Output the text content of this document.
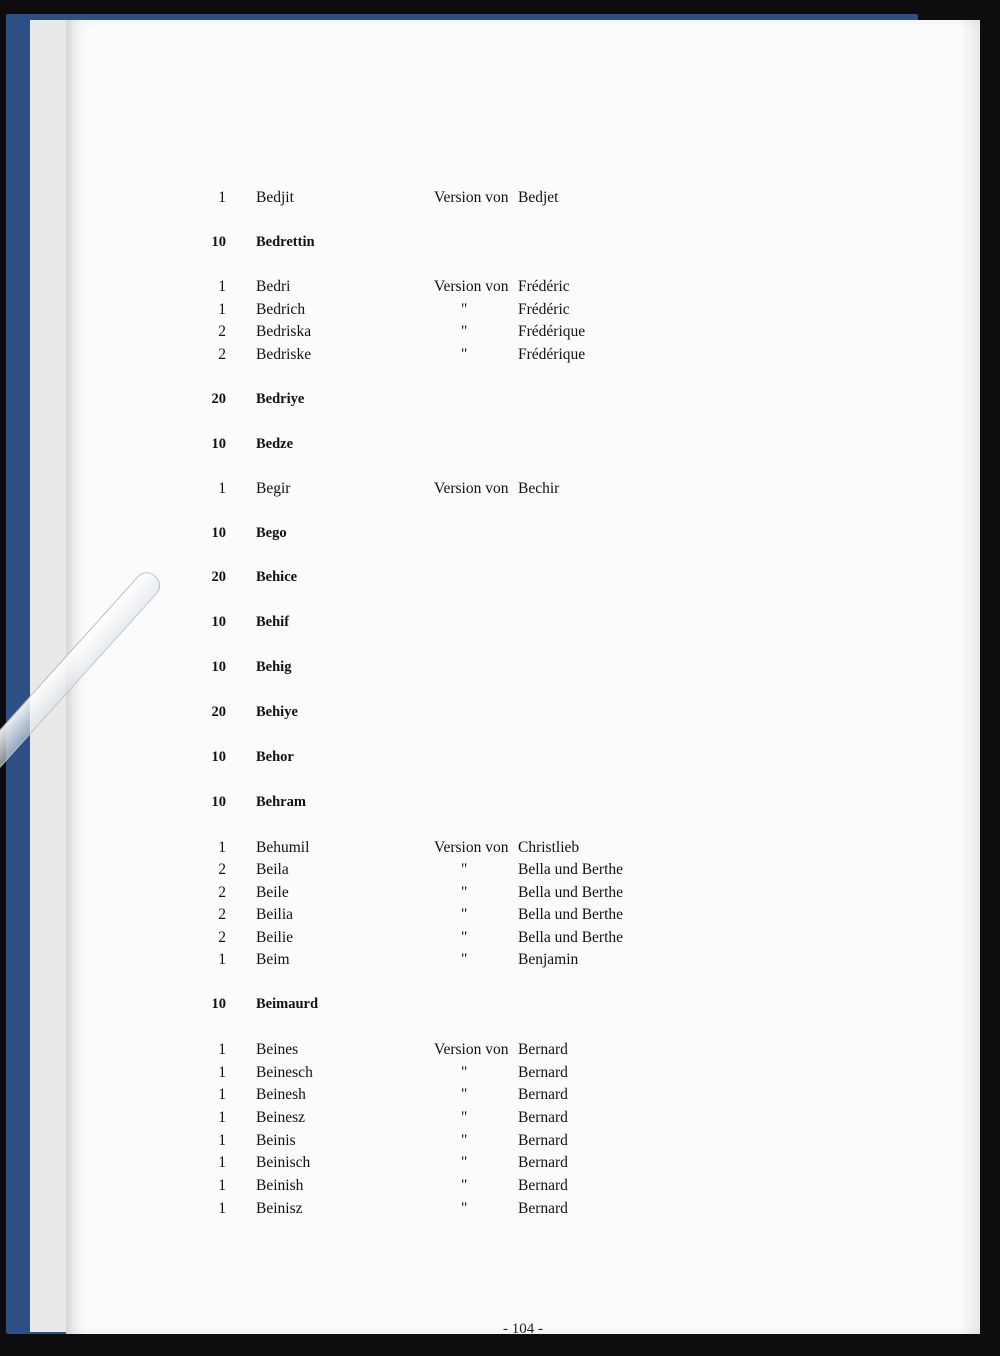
1 Bedjit	Version von Bedjet
10 Bedrettin
1 Bedri	Version von Frédéric
1 Bedrich	"	Frédéric
2 Bedriska	"	Frédérique
2 Bedriske	"	Frédérique
20 Bedriye
10 Bedze
1 Begir	Version von Bechir
10 Bego
20 Behice
10 Behif
10 Behig
20 Behiye
10 Behor
10 Behram
1 Behumil	Version von Christlieb
2 Beila	"	Bella und Berthe
2 Beile	"	Bella und Berthe
2 Beilia	"	Bella und Berthe
2 Beilie	"	Bella und Berthe
1 Beim	"	Benjamin
10 Beimaurd
1 Beines	Version von Bernard
1 Beinesch	"	Bernard
1 Beinesh	"	Bernard
1 Beinesz	"	Bernard
1 Beinis	"	Bernard
1 Beinisch	"	Bernard
1 Beinish	"	Bernard
1 Beinisz	"	Bernard
- 104 -
